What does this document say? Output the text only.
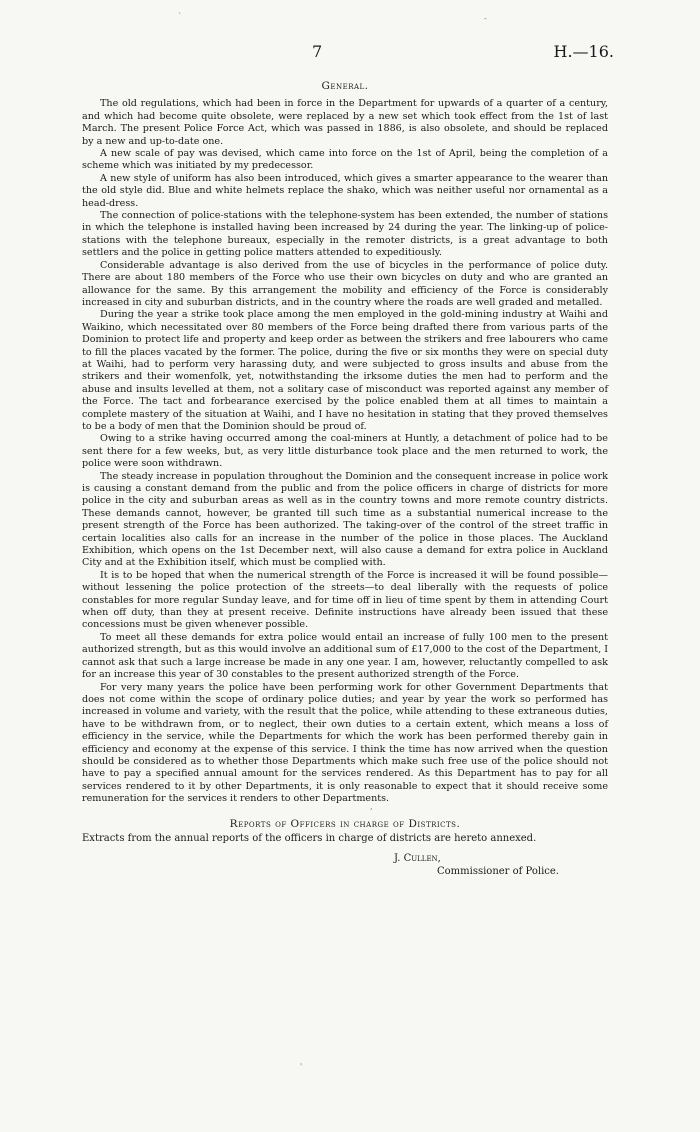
`	-
7	H.—16.
General.

The old regulations, which had been in force in the Department for upwards of a quarter of a century, and which had become quite obsolete, were replaced by a new set which took effect from the 1st of last March. The present Police Force Act, which was passed in 1886, is also obsolete, and should be replaced by a new and up-to-date one.

A new scale of pay was devised, which came into force on the 1st of April, being the completion of a scheme which was initiated by my predecessor.

A new style of uniform has also been introduced, which gives a smarter appearance to the wearer than the old style did. Blue and white helmets replace the shako, which was neither useful nor ornamental as a head-dress.

The connection of police-stations with the telephone-system has been extended, the number of stations in which the telephone is installed having been increased by 24 during the year. The linking-up of police-stations with the telephone bureaux, especially in the remoter districts, is a great advantage to both settlers and the police in getting police matters attended to expeditiously.

Considerable advantage is also derived from the use of bicycles in the performance of police duty. There are about 180 members of the Force who use their own bicycles on duty and who are granted an allowance for the same. By this arrangement the mobility and efficiency of the Force is considerably increased in city and suburban districts, and in the country where the roads are well graded and metalled.

During the year a strike took place among the men employed in the gold-mining industry at Waihi and Waikino, which necessitated over 80 members of the Force being drafted there from various parts of the Dominion to protect life and property and keep order as between the strikers and free labourers who came to fill the places vacated by the former. The police, during the five or six months they were on special duty at Waihi, had to perform very harassing duty, and were subjected to gross insults and abuse from the strikers and their womenfolk, yet, notwithstanding the irksome duties the men had to perform and the abuse and insults levelled at them, not a solitary case of misconduct was reported against any member of the Force. The tact and forbearance exercised by the police enabled them at all times to maintain a complete mastery of the situation at Waihi, and I have no hesitation in stating that they proved themselves to be a body of men that the Dominion should be proud of.

Owing to a strike having occurred among the coal-miners at Huntly, a detachment of police had to be sent there for a few weeks, but, as very little disturbance took place and the men returned to work, the police were soon withdrawn.

The steady increase in population throughout the Dominion and the consequent increase in police work is causing a constant demand from the public and from the police officers in charge of districts for more police in the city and suburban areas as well as in the country towns and more remote country districts. These demands cannot, however, be granted till such time as a substantial numerical increase to the present strength of the Force has been authorized. The taking-over of the control of the street traffic in certain localities also calls for an increase in the number of the police in those places. The Auckland Exhibition, which opens on the 1st December next, will also cause a demand for extra police in Auckland City and at the Exhibition itself, which must be complied with.

It is to be hoped that when the numerical strength of the Force is increased it will be found possible—without lessening the police protection of the streets—to deal liberally with the requests of police constables for more regular Sunday leave, and for time off in lieu of time spent by them in attending Court when off duty, than they at present receive. Definite instructions have already been issued that these concessions must be given whenever possible.

To meet all these demands for extra police would entail an increase of fully 100 men to the present authorized strength, but as this would involve an additional sum of £17,000 to the cost of the Department, I cannot ask that such a large increase be made in any one year. I am, however, reluctantly compelled to ask for an increase this year of 30 constables to the present authorized strength of the Force.

For very many years the police have been performing work for other Government Departments that does not come within the scope of ordinary police duties; and year by year the work so performed has increased in volume and variety, with the result that the police, while attending to these extraneous duties, have to be withdrawn from, or to neglect, their own duties to a certain extent, which means a loss of efficiency in the service, while the Departments for which the work has been performed thereby gain in efficiency and economy at the expense of this service. I think the time has now arrived when the question should be considered as to whether those Departments which make such free use of the police should not have to pay a specified annual amount for the services rendered. As this Department has to pay for all services rendered to it by other Departments, it is only reasonable to expect that it should receive some remuneration for the services it renders to other Departments.

Reports of Officers in charge of Districts.

Extracts from the annual reports of the officers in charge of districts are hereto annexed.

J. Cullen,
Commissioner of Police.
,
'
